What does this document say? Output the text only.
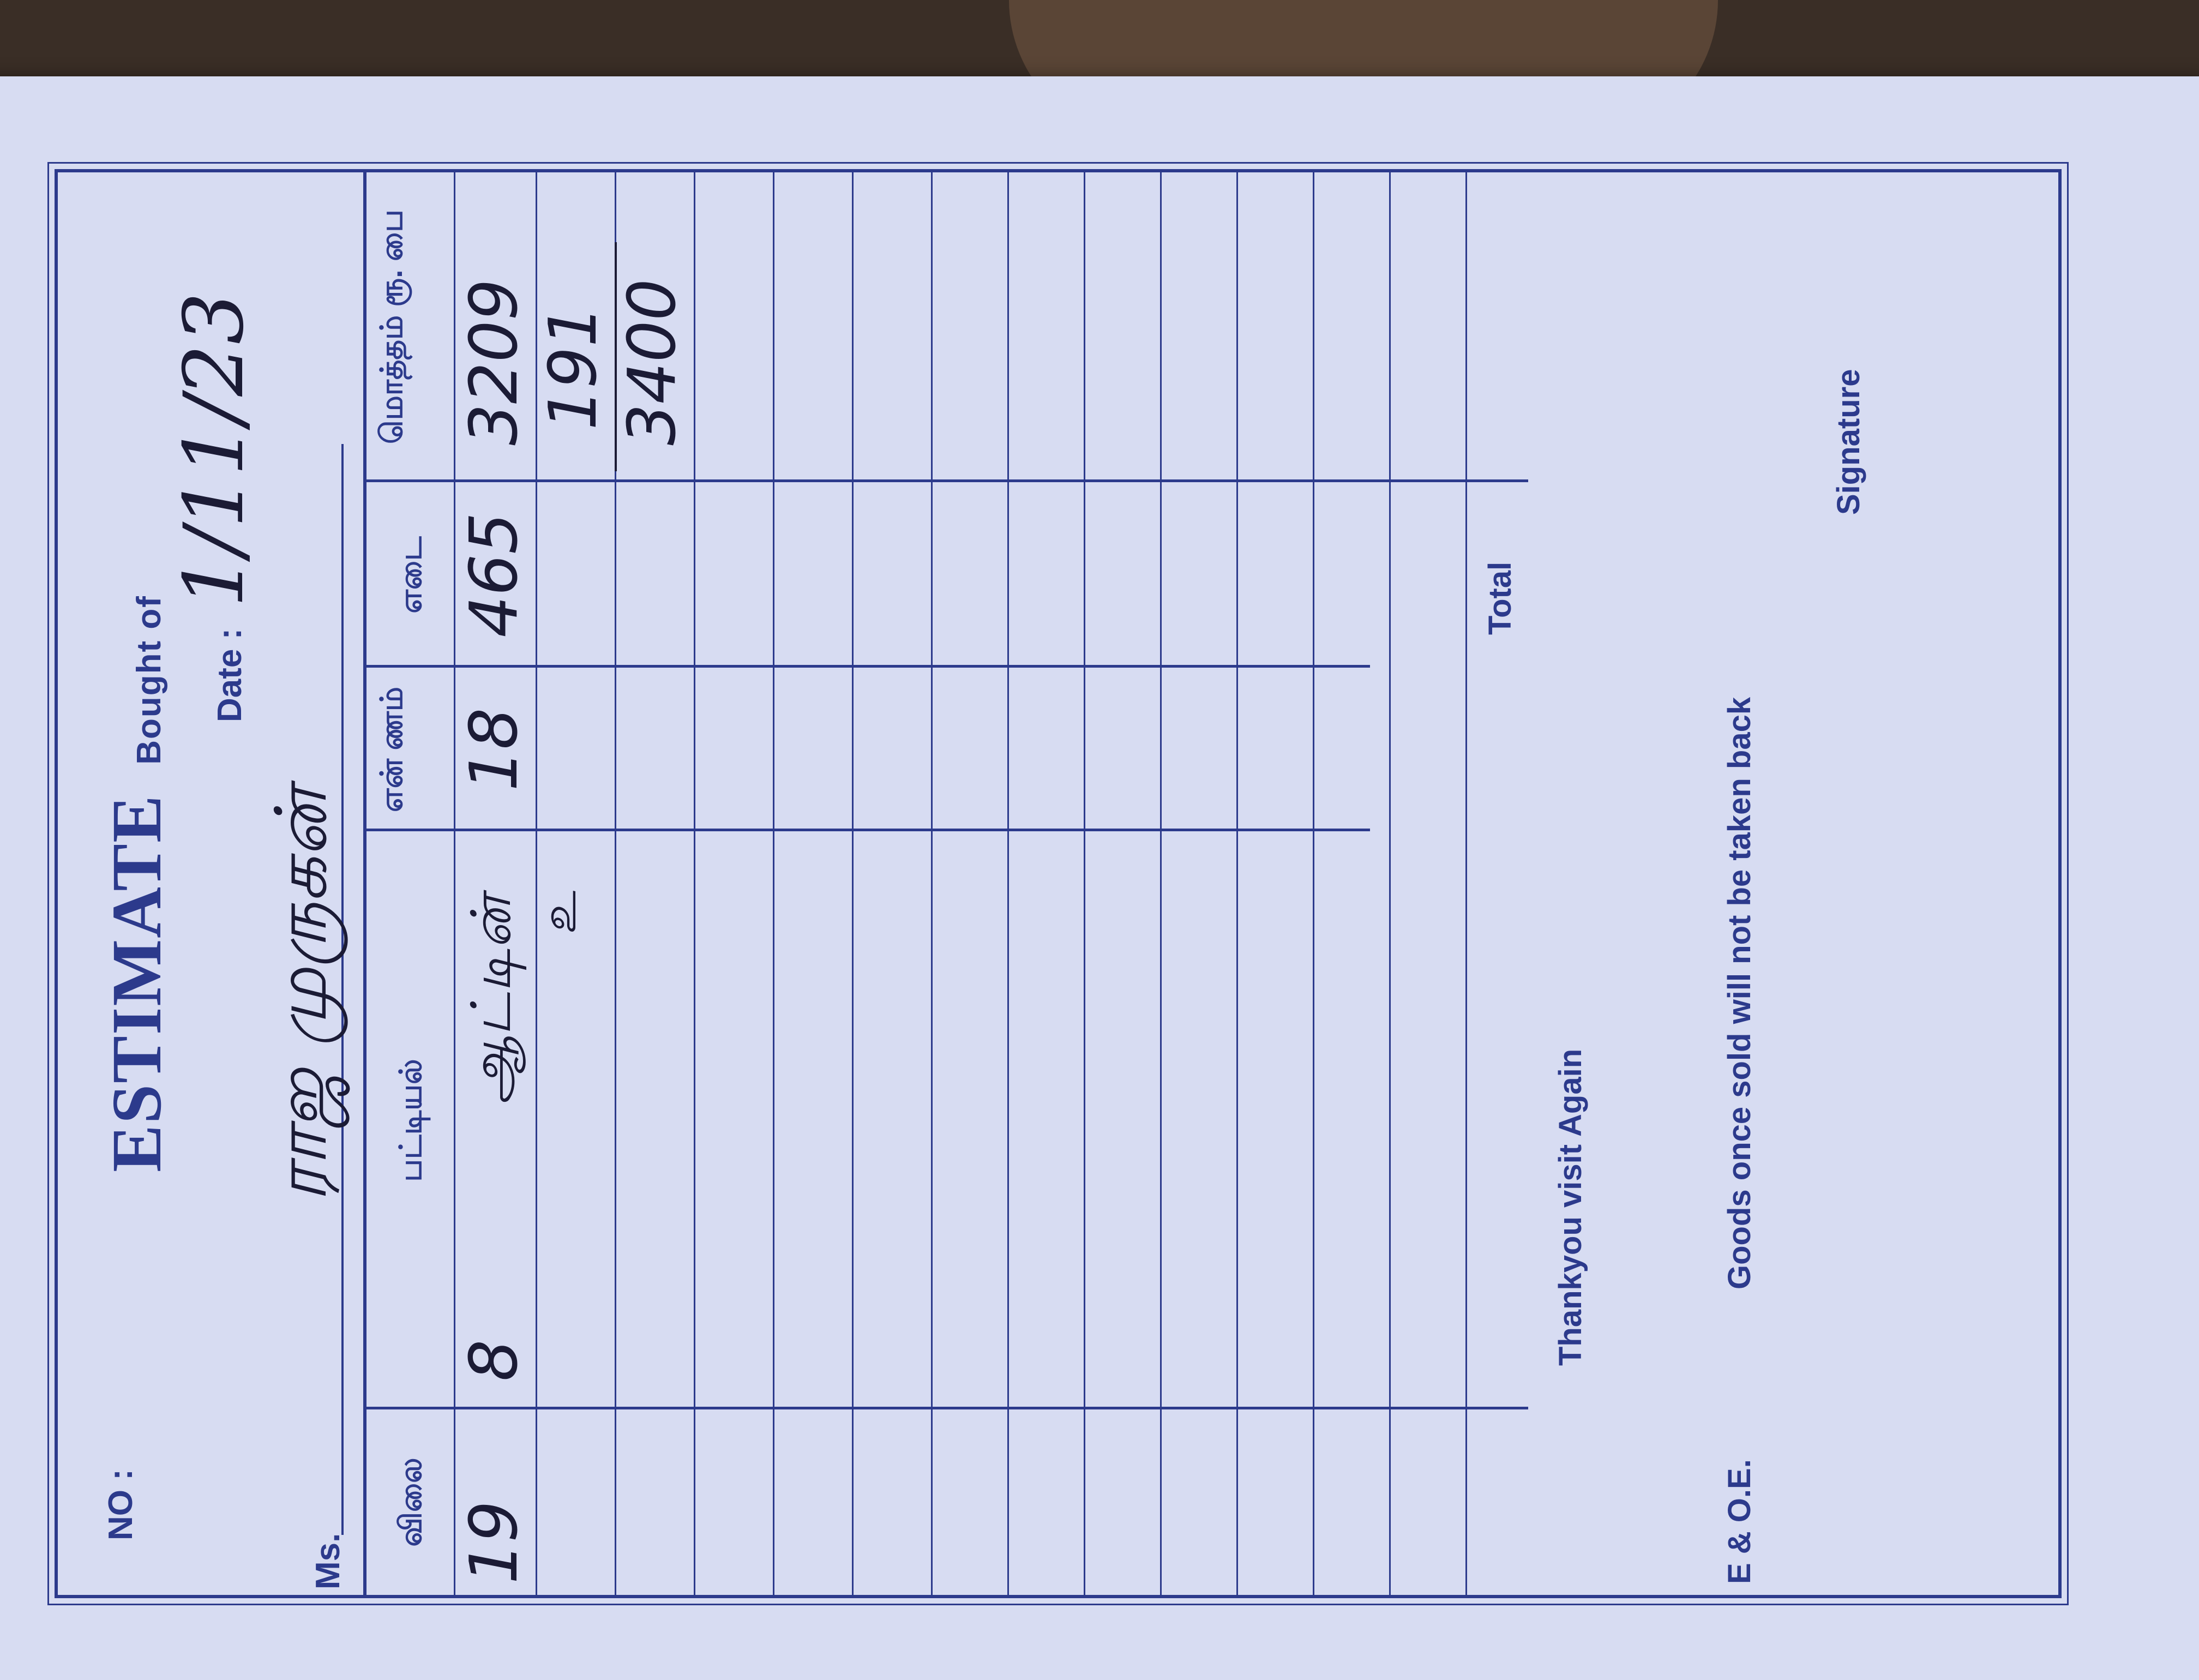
NO :
ESTIMATE Bought of Date :
1/11/23
Ms.
ராஜ முருகன்
விலை
பட்டியல்
என் ணம்
எடை
மொத்தம் ரூ. பை
19
8
ஆட்டின்
18
465
3209
உ
191 3400
Total
Thankyou visit Again
E & O.E.
Goods once sold will not be taken back
Signature
